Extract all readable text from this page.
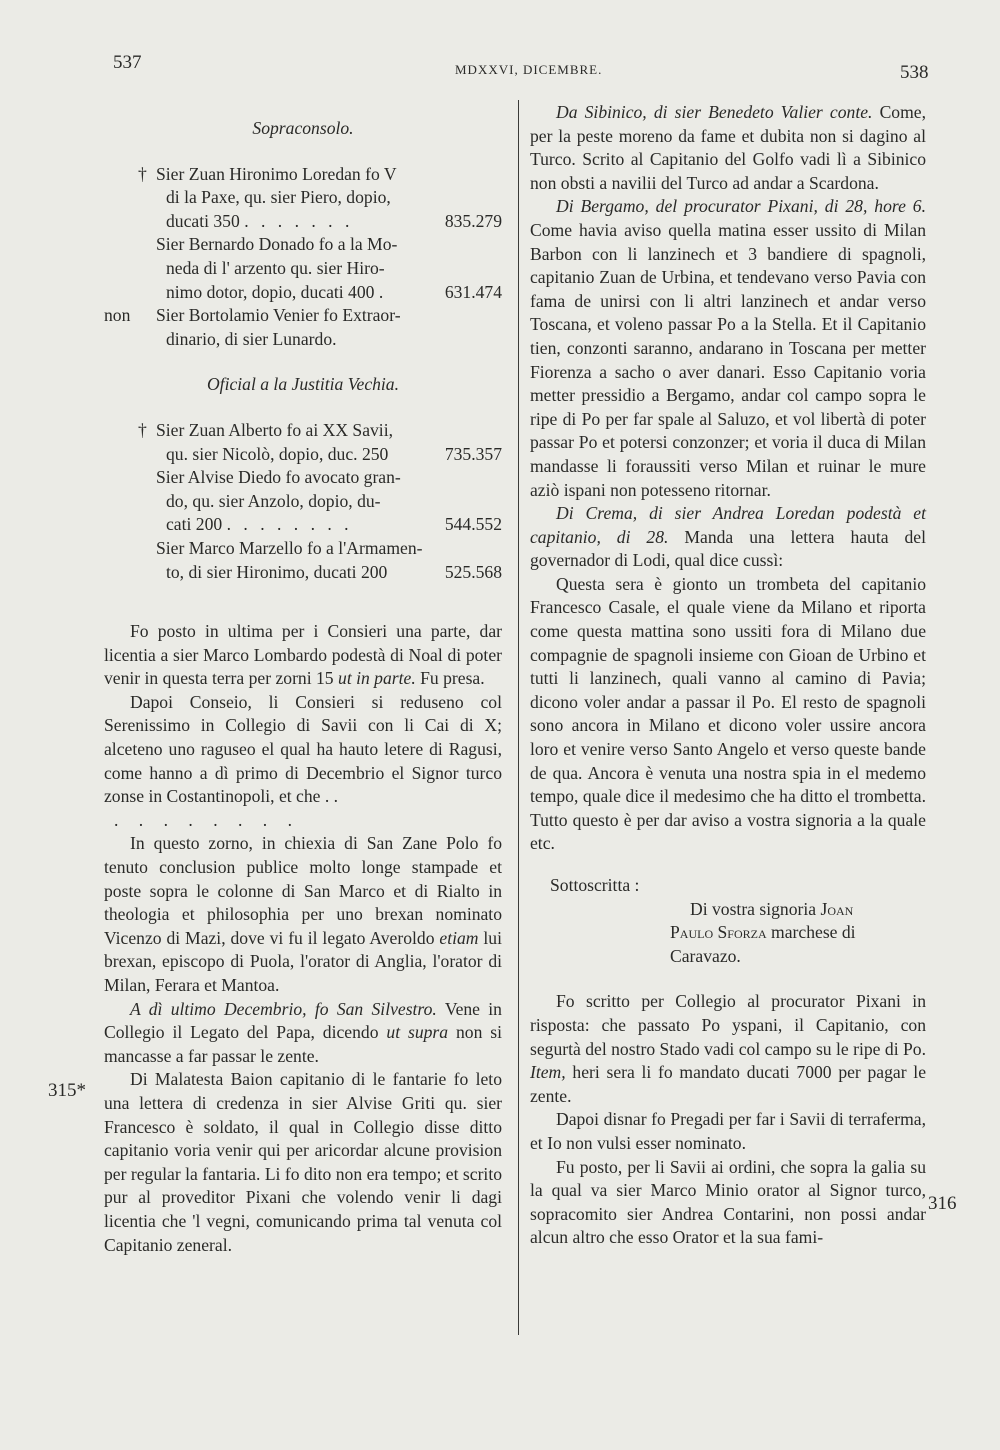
537	MDXXVI, DICEMBRE.	538
315*
316
Sopraconsolo.
† Sier Zuan Hironimo Loredan fo V
di la Paxe, qu. sier Piero, dopio,
ducati 350 . . . . . . .	835.279
Sier Bernardo Donado fo a la Mo-
neda di l' arzento qu. sier Hiro-
nimo dotor, dopio, ducati 400 .	631.474
non Sier Bortolamio Venier fo Extraor-
dinario, di sier Lunardo.
Oficial a la Justitia Vechia.
† Sier Zuan Alberto fo ai XX Savii,
qu. sier Nicolò, dopio, duc. 250	735.357
Sier Alvise Diedo fo avocato gran-
do, qu. sier Anzolo, dopio, du-
cati 200 . . . . . . . .	544.552
Sier Marco Marzello fo a l'Armamen-
to, di sier Hironimo, ducati 200	525.568

Fo posto in ultima per i Consieri una parte, dar licentia a sier Marco Lombardo podestà di Noal di poter venir in questa terra per zorni 15 ut in parte. Fu presa.

Dapoi Conseio, li Consieri si reduseno col Serenissimo in Collegio di Savii con li Cai di X; alceteno uno raguseo el qual ha hauto letere di Ragusi, come hanno a dì primo di Decembrio el Signor turco zonse in Costantinopoli, et che . .

. . . . . . . .

In questo zorno, in chiexia di San Zane Polo fo tenuto conclusion publice molto longe stampade et poste sopra le colonne di San Marco et di Rialto in theologia et philosophia per uno brexan nominato Vicenzo di Mazi, dove vi fu il legato Averoldo etiam lui brexan, episcopo di Puola, l'orator di Anglia, l'orator di Milan, Ferara et Mantoa.

A dì ultimo Decembrio, fo San Silvestro. Vene in Collegio il Legato del Papa, dicendo ut supra non si mancasse a far passar le zente.

Di Malatesta Baion capitanio di le fantarie fo leto una lettera di credenza in sier Alvise Griti qu. sier Francesco è soldato, il qual in Collegio disse ditto capitanio voria venir qui per aricordar alcune provision per regular la fantaria. Li fo dito non era tempo; et scrito pur al proveditor Pixani che volendo venir li dagi licentia che 'l vegni, comunicando prima tal venuta col Capitanio zeneral.

Da Sibinico, di sier Benedeto Valier conte. Come, per la peste moreno da fame et dubita non si dagino al Turco. Scrito al Capitanio del Golfo vadi lì a Sibinico non obsti a navilii del Turco ad andar a Scardona.

Di Bergamo, del procurator Pixani, di 28, hore 6. Come havia aviso quella matina esser ussito di Milan Barbon con li lanzinech et 3 bandiere di spagnoli, capitanio Zuan de Urbina, et tendevano verso Pavia con fama de unirsi con li altri lanzinech et andar verso Toscana, et voleno passar Po a la Stella. Et il Capitanio tien, conzonti saranno, andarano in Toscana per metter Fiorenza a sacho o aver danari. Esso Capitanio voria metter pressidio a Bergamo, andar col campo sopra le ripe di Po per far spale al Saluzo, et vol libertà di poter passar Po et potersi conzonzer; et voria il duca di Milan mandasse li foraussiti verso Milan et ruinar le mure aziò ispani non potesseno ritornar.

Di Crema, di sier Andrea Loredan podestà et capitanio, di 28. Manda una lettera hauta del governador di Lodi, qual dice cussì:

Questa sera è gionto un trombeta del capitanio Francesco Casale, el quale viene da Milano et riporta come questa mattina sono ussiti fora di Milano due compagnie de spagnoli insieme con Gioan de Urbino et tutti li lanzinech, quali vanno al camino di Pavia; dicono voler andar a passar il Po. El resto de spagnoli sono ancora in Milano et dicono voler ussire ancora loro et venire verso Santo Angelo et verso queste bande de qua. Ancora è venuta una nostra spia in el medemo tempo, quale dice il medesimo che ha ditto el trombetta. Tutto questo è per dar aviso a vostra signoria a la quale etc.

Sottoscritta :
Di vostra signoria Joan
Paulo Sforza marchese di
Caravazo.

Fo scritto per Collegio al procurator Pixani in risposta: che passato Po yspani, il Capitanio, con segurtà del nostro Stado vadi col campo su le ripe di Po. Item, heri sera li fo mandato ducati 7000 per pagar le zente.

Dapoi disnar fo Pregadi per far i Savii di terraferma, et Io non vulsi esser nominato.

Fu posto, per li Savii ai ordini, che sopra la galia su la qual va sier Marco Minio orator al Signor turco, sopracomito sier Andrea Contarini, non possi andar alcun altro che esso Orator et la sua fami-
